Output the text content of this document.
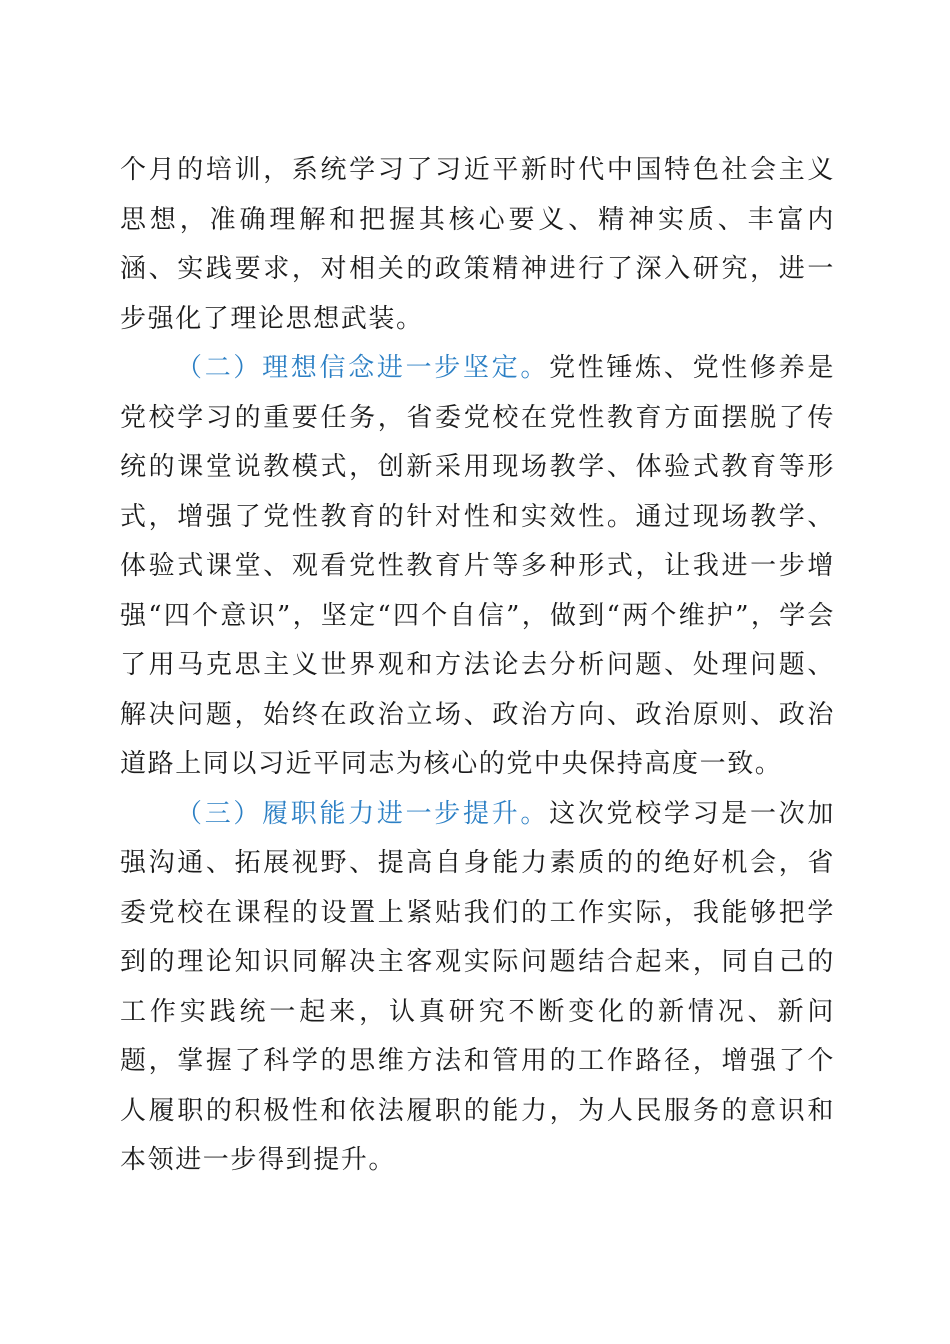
个月的培训，系统学习了习近平新时代中国特色社会主义思想，准确理解和把握其核心要义、精神实质、丰富内涵、实践要求，对相关的政策精神进行了深入研究，进一步强化了理论思想武装。

（二）理想信念进一步坚定。党性锤炼、党性修养是党校学习的重要任务，省委党校在党性教育方面摆脱了传统的课堂说教模式，创新采用现场教学、体验式教育等形式，增强了党性教育的针对性和实效性。通过现场教学、体验式课堂、观看党性教育片等多种形式，让我进一步增强“四个意识”，坚定“四个自信”，做到“两个维护”，学会了用马克思主义世界观和方法论去分析问题、处理问题、解决问题，始终在政治立场、政治方向、政治原则、政治道路上同以习近平同志为核心的党中央保持高度一致。

（三）履职能力进一步提升。这次党校学习是一次加强沟通、拓展视野、提高自身能力素质的的绝好机会，省委党校在课程的设置上紧贴我们的工作实际，我能够把学到的理论知识同解决主客观实际问题结合起来，同自己的工作实践统一起来，认真研究不断变化的新情况、新问题，掌握了科学的思维方法和管用的工作路径，增强了个人履职的积极性和依法履职的能力，为人民服务的意识和本领进一步得到提升。
